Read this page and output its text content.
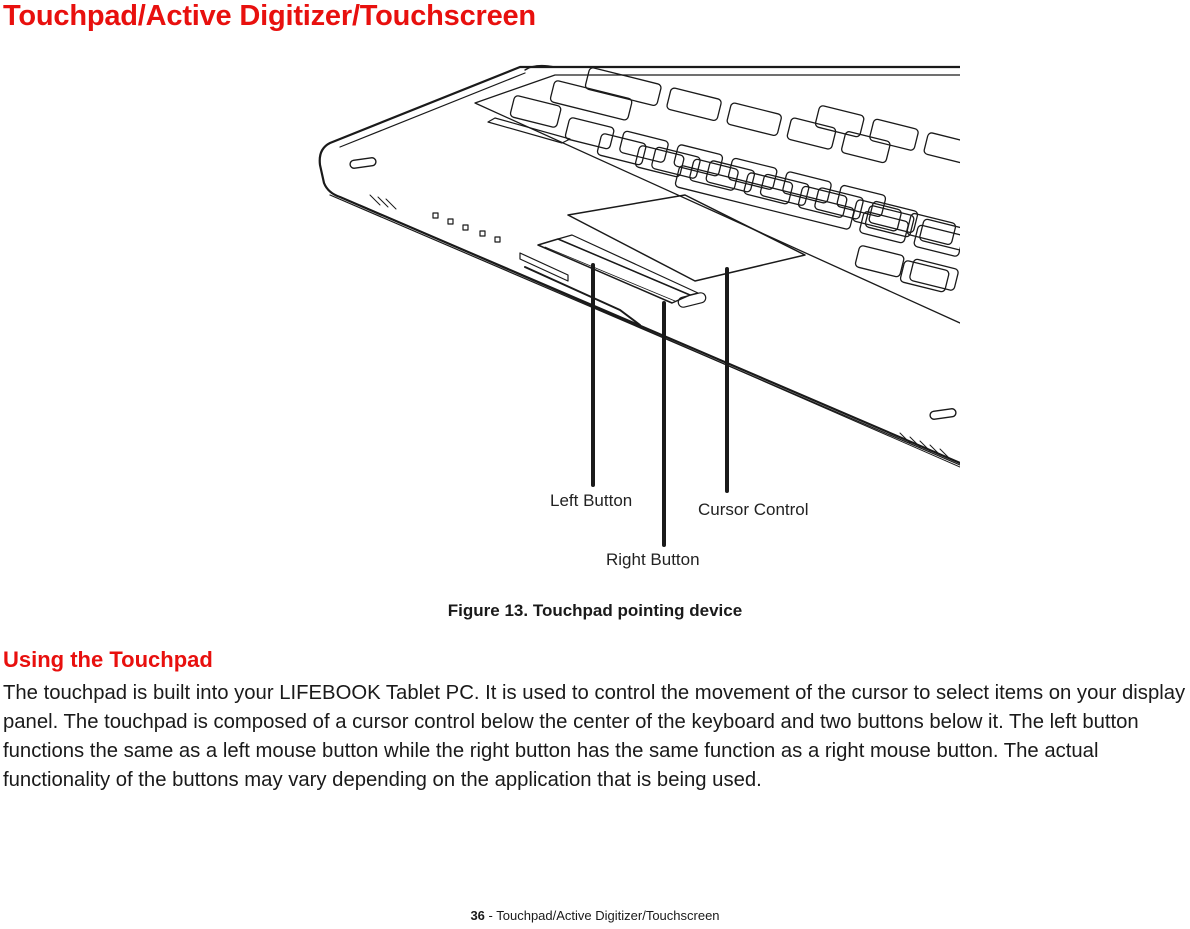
Touchpad/Active Digitizer/Touchscreen
Left Button	Cursor Control
Right Button
Figure 13. Touchpad pointing device
Using the Touchpad

The touchpad is built into your LIFEBOOK Tablet PC. It is used to control the movement of the cursor to select items on your display panel. The touchpad is composed of a cursor control below the center of the keyboard and two buttons below it. The left button functions the same as a left mouse button while the right button has the same function as a right mouse button. The actual functionality of the buttons may vary depending on the application that is being used.

36 - Touchpad/Active Digitizer/Touchscreen
